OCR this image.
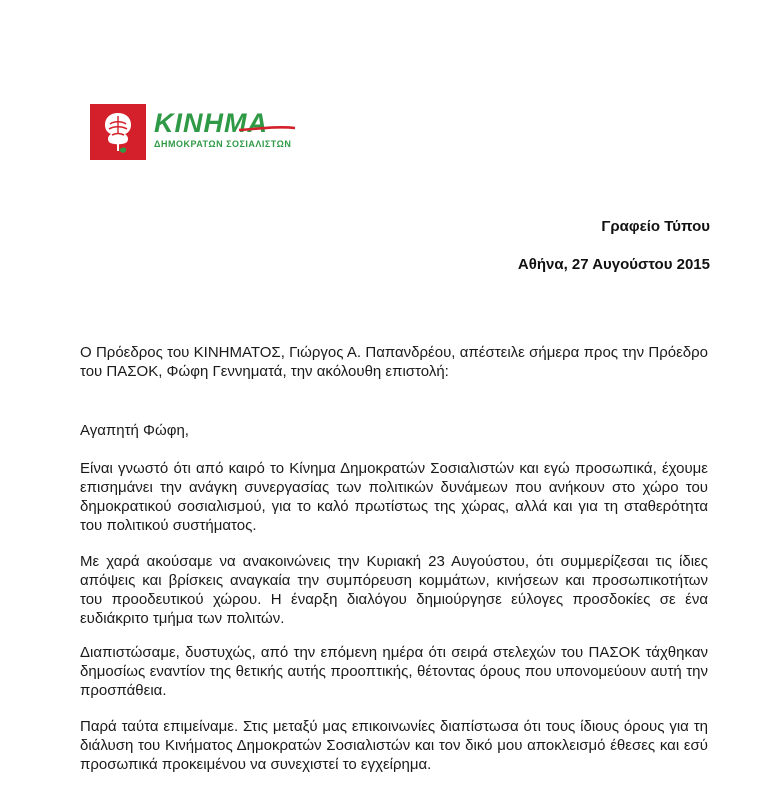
ΚΙΝΗΜΑ
ΔΗΜΟΚΡΑΤΩΝ ΣΟΣΙΑΛΙΣΤΩΝ
Γραφείο Τύπου
Αθήνα, 27 Αυγούστου 2015

Ο Πρόεδρος του ΚΙΝΗΜΑΤΟΣ, Γιώργος Α. Παπανδρέου, απέστειλε σήμερα προς την Πρόεδρο του ΠΑΣΟΚ, Φώφη Γεννηματά, την ακόλουθη επιστολή:

Αγαπητή Φώφη,

Είναι γνωστό ότι από καιρό το Κίνημα Δημοκρατών Σοσιαλιστών και εγώ προσωπικά, έχουμε επισημάνει την ανάγκη συνεργασίας των πολιτικών δυνάμεων που ανήκουν στο χώρο του δημοκρατικού σοσιαλισμού, για το καλό πρωτίστως της χώρας, αλλά και για τη σταθερότητα του πολιτικού συστήματος.

Με χαρά ακούσαμε να ανακοινώνεις την Κυριακή 23 Αυγούστου, ότι συμμερίζεσαι τις ίδιες απόψεις και βρίσκεις αναγκαία την συμπόρευση κομμάτων, κινήσεων και προσωπικοτήτων του προοδευτικού χώρου. Η έναρξη διαλόγου δημιούργησε εύλογες προσδοκίες σε ένα ευδιάκριτο τμήμα των πολιτών.

Διαπιστώσαμε, δυστυχώς, από την επόμενη ημέρα ότι σειρά στελεχών του ΠΑΣΟΚ τάχθηκαν δημοσίως εναντίον της θετικής αυτής προοπτικής, θέτοντας όρους που υπονομεύουν αυτή την προσπάθεια.

Παρά ταύτα επιμείναμε. Στις μεταξύ μας επικοινωνίες διαπίστωσα ότι τους ίδιους όρους για τη διάλυση του Κινήματος Δημοκρατών Σοσιαλιστών και τον δικό μου αποκλεισμό έθεσες και εσύ προσωπικά προκειμένου να συνεχιστεί το εγχείρημα.
